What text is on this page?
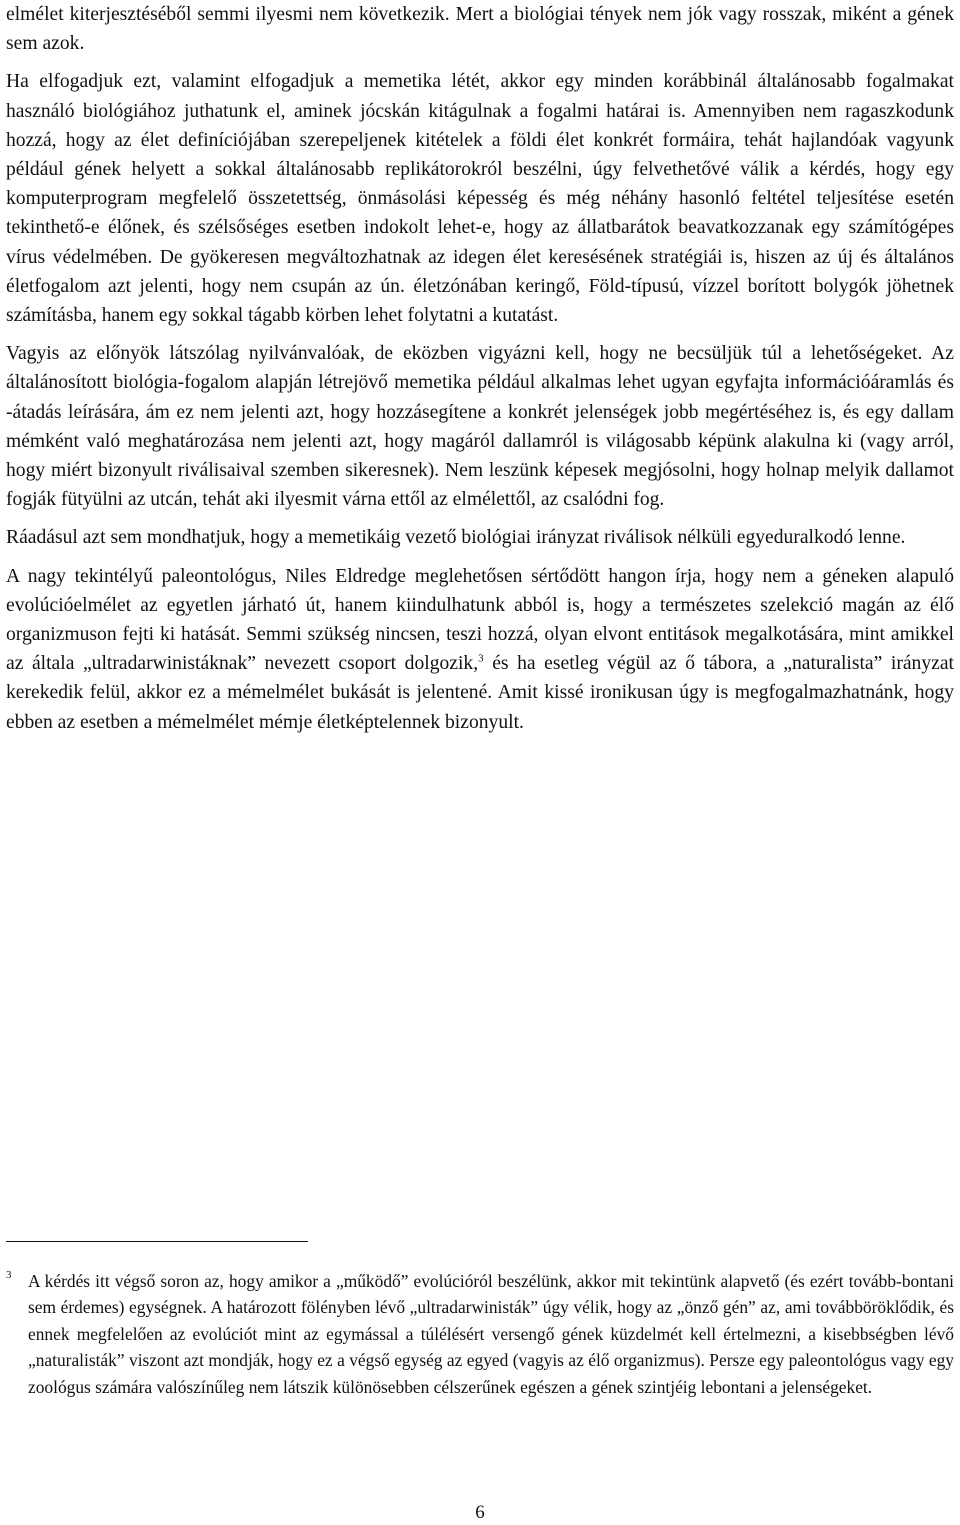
elmélet kiterjesztéséből semmi ilyesmi nem következik. Mert a biológiai tények nem jók vagy rosszak, miként a gének sem azok.

Ha elfogadjuk ezt, valamint elfogadjuk a memetika létét, akkor egy minden korábbinál általánosabb fogalmakat használó biológiához juthatunk el, aminek jócskán kitágulnak a fogalmi határai is. Amennyiben nem ragaszkodunk hozzá, hogy az élet definíciójában szerepeljenek kitételek a földi élet konkrét formáira, tehát hajlandóak vagyunk például gének helyett a sokkal általánosabb replikátorokról beszélni, úgy felvethetővé válik a kérdés, hogy egy komputerprogram megfelelő összetettség, önmásolási képesség és még néhány hasonló feltétel teljesítése esetén tekinthető-e élőnek, és szélsőséges esetben indokolt lehet-e, hogy az állatbarátok beavatkozzanak egy számítógépes vírus védelmében. De gyökeresen megváltozhatnak az idegen élet keresésének stratégiái is, hiszen az új és általános életfogalom azt jelenti, hogy nem csupán az ún. életzónában keringő, Föld-típusú, vízzel borított bolygók jöhetnek számításba, hanem egy sokkal tágabb körben lehet folytatni a kutatást.

Vagyis az előnyök látszólag nyilvánvalóak, de eközben vigyázni kell, hogy ne becsüljük túl a lehetőségeket. Az általánosított biológia-fogalom alapján létrejövő memetika például alkalmas lehet ugyan egyfajta információáramlás és -átadás leírására, ám ez nem jelenti azt, hogy hozzásegítene a konkrét jelenségek jobb megértéséhez is, és egy dallam mémként való meghatározása nem jelenti azt, hogy magáról dallamról is világosabb képünk alakulna ki (vagy arról, hogy miért bizonyult riválisaival szemben sikeresnek). Nem leszünk képesek megjósolni, hogy holnap melyik dallamot fogják fütyülni az utcán, tehát aki ilyesmit várna ettől az elmélettől, az csalódni fog.

Ráadásul azt sem mondhatjuk, hogy a memetikáig vezető biológiai irányzat riválisok nélküli egyeduralkodó lenne.

A nagy tekintélyű paleontológus, Niles Eldredge meglehetősen sértődött hangon írja, hogy nem a géneken alapuló evolúcióelmélet az egyetlen járható út, hanem kiindulhatunk abból is, hogy a természetes szelekció magán az élő organizmuson fejti ki hatását. Semmi szükség nincsen, teszi hozzá, olyan elvont entitások megalkotására, mint amikkel az általa „ultradarwinistáknak” nevezett csoport dolgozik,$^3$ és ha esetleg végül az ő tábora, a „naturalista” irányzat kerekedik felül, akkor ez a mémelmélet bukását is jelentené. Amit kissé ironikusan úgy is megfogalmazhatnánk, hogy ebben az esetben a mémelmélet mémje életképtelennek bizonyult.

3 A kérdés itt végső soron az, hogy amikor a „működő” evolúcióról beszélünk, akkor mit tekintünk alapvető (és ezért tovább-bontani sem érdemes) egységnek. A határozott fölényben lévő „ultradarwinisták” úgy vélik, hogy az „önző gén” az, ami továbböröklődik, és ennek megfelelően az evolúciót mint az egymással a túlélésért versengő gének küzdelmét kell értelmezni, a kisebbségben lévő „naturalisták” viszont azt mondják, hogy ez a végső egység az egyed (vagyis az élő organizmus). Persze egy paleontológus vagy egy zoológus számára valószínűleg nem látszik különösebben célszerűnek egészen a gének szintjéig lebontani a jelenségeket.

6
